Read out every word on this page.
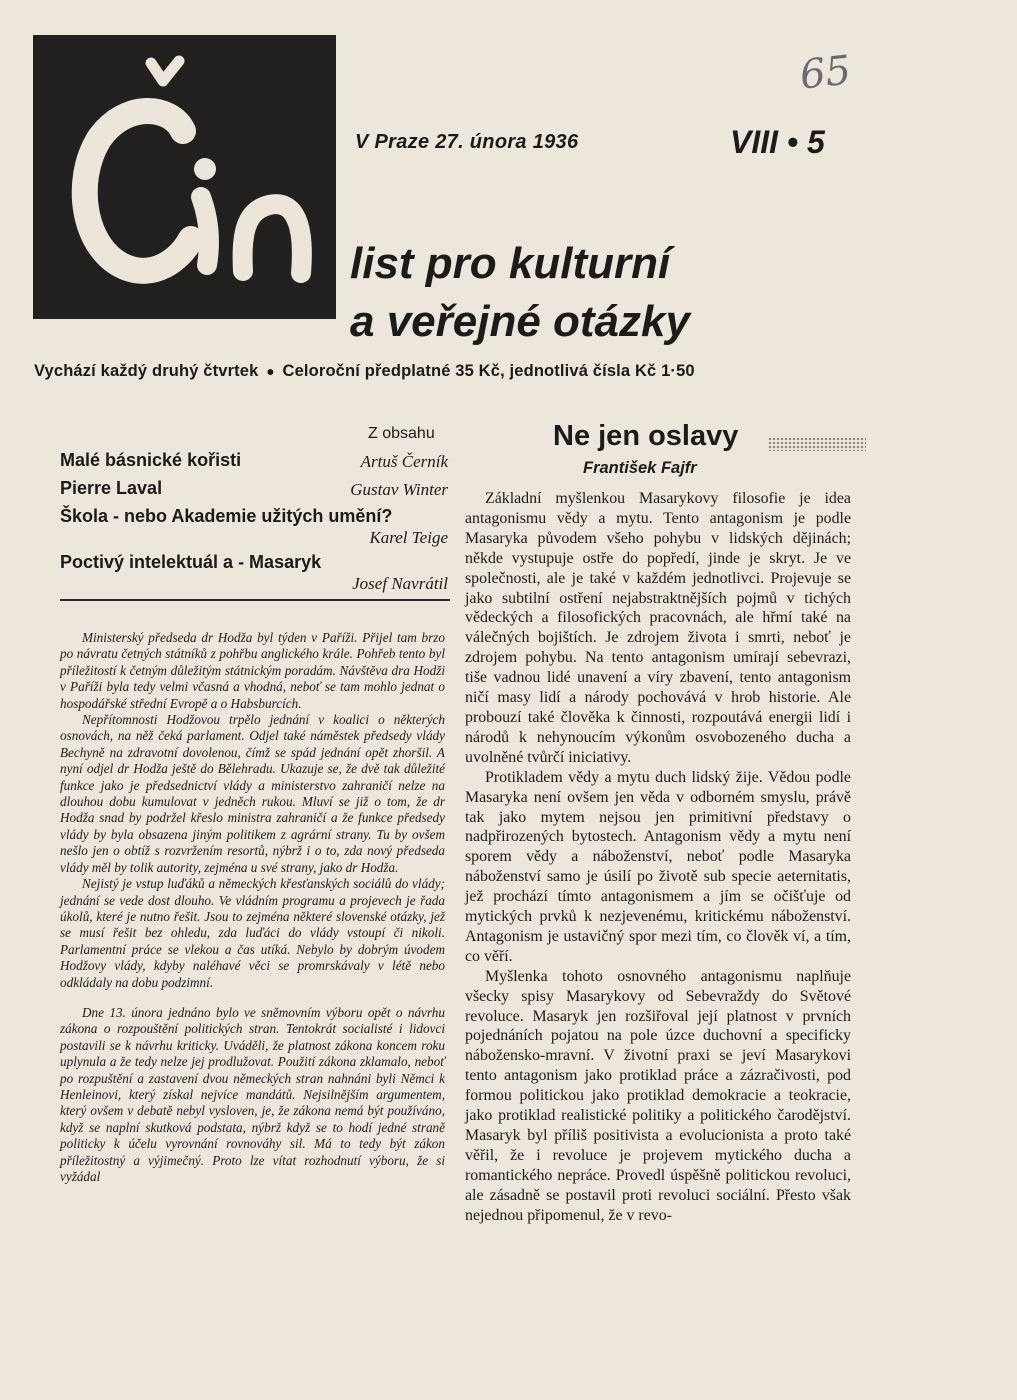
65
V Praze 27. února 1936	VIII • 5
list pro kulturní
a veřejné otázky
Vychází každý druhý čtvrtek ● Celoroční předplatné 35 Kč, jednotlivá čísla Kč 1·50
Z obsahu
Malé básnické kořisti	Artuš Černík
Pierre Laval	Gustav Winter
Škola - nebo Akademie užitých umění?
Karel Teige
Poctivý intelektuál a - Masaryk
Josef Navrátil

Ministerský předseda dr Hodža byl týden v Paříži. Přijel tam brzo po návratu četných státníků z pohřbu anglického krále. Pohřeb tento byl příležitostí k četným důležitým státnickým poradám. Návštěva dra Hodži v Paříži byla tedy velmi včasná a vhodná, neboť se tam mohlo jednat o hospodářské střední Evropě a o Habsburcích.

Nepřítomnosti Hodžovou trpělo jednání v koalici o některých osnovách, na něž čeká parlament. Odjel také náměstek předsedy vlády Bechyně na zdravotní dovolenou, čímž se spád jednání opět zhoršil. A nyní odjel dr Hodža ještě do Bělehradu. Ukazuje se, že dvě tak důležité funkce jako je předsednictví vlády a ministerstvo zahraničí nelze na dlouhou dobu kumulovat v jedněch rukou. Mluví se již o tom, že dr Hodža snad by podržel křeslo ministra zahraničí a že funkce předsedy vlády by byla obsazena jiným politikem z agrární strany. Tu by ovšem nešlo jen o obtíž s rozvržením resortů, nýbrž i o to, zda nový předseda vlády měl by tolik autority, zejména u své strany, jako dr Hodža.

Nejistý je vstup luďáků a německých křesťanských sociálů do vlády; jednání se vede dost dlouho. Ve vládním programu a projevech je řada úkolů, které je nutno řešit. Jsou to zejména některé slovenské otázky, jež se musí řešit bez ohledu, zda luďáci do vlády vstoupí či nikoli. Parlamentní práce se vlekou a čas utíká. Nebylo by dobrým úvodem Hodžovy vlády, kdyby naléhavé věci se promrskávaly v létě nebo odkládaly na dobu podzimní.

Dne 13. února jednáno bylo ve sněmovním výboru opět o návrhu zákona o rozpouštění politických stran. Tentokrát socialisté i lidovci postavili se k návrhu kriticky. Uváděli, že platnost zákona koncem roku uplynula a že tedy nelze jej prodlužovat. Použití zákona zklamalo, neboť po rozpuštění a zastavení dvou německých stran nahnáni byli Němci k Henleinovi, který získal nejvíce mandátů. Nejsilnějším argumentem, který ovšem v debatě nebyl vysloven, je, že zákona nemá být používáno, když se naplní skutková podstata, nýbrž když se to hodí jedné straně politicky k účelu vyrovnání rovnováhy sil. Má to tedy být zákon příležitostný a výjimečný. Proto lze vítat rozhodnutí výboru, že si vyžádal

Ne jen oslavy
František Fajfr

Základní myšlenkou Masarykovy filosofie je idea antagonismu vědy a mytu. Tento antagonism je podle Masaryka původem všeho pohybu v lidských dějinách; někde vystupuje ostře do popředí, jinde je skryt. Je ve společnosti, ale je také v každém jednotlivci. Projevuje se jako subtilní ostření nejabstraktnějších pojmů v tichých vědeckých a filosofických pracovnách, ale hřmí také na válečných bojištích. Je zdrojem života i smrti, neboť je zdrojem pohybu. Na tento antagonism umírají sebevrazi, tiše vadnou lidé unavení a víry zbavení, tento antagonism ničí masy lidí a národy pochovává v hrob historie. Ale probouzí také člověka k činnosti, rozpoutává energii lidí i národů k nehynoucím výkonům osvobozeného ducha a uvolněné tvůrčí iniciativy.

Protikladem vědy a mytu duch lidský žije. Vědou podle Masaryka není ovšem jen věda v odborném smyslu, právě tak jako mytem nejsou jen primitivní představy o nadpřirozených bytostech. Antagonism vědy a mytu není sporem vědy a náboženství, neboť podle Masaryka náboženství samo je úsilí po životě sub specie aeternitatis, jež prochází tímto antagonismem a jím se očišťuje od mytických prvků k nezjevenému, kritickému náboženství. Antagonism je ustavičný spor mezi tím, co člověk ví, a tím, co věří.

Myšlenka tohoto osnovného antagonismu naplňuje všecky spisy Masarykovy od Sebevraždy do Světové revoluce. Masaryk jen rozšiřoval její platnost v prvních pojednáních pojatou na pole úzce duchovní a specificky nábožensko-mravní. V životní praxi se jeví Masarykovi tento antagonism jako protiklad práce a zázračivosti, pod formou politickou jako protiklad demokracie a teokracie, jako protiklad realistické politiky a politického čarodějství. Masaryk byl příliš positivista a evolucionista a proto také věřil, že i revoluce je projevem mytického ducha a romantického nepráce. Provedl úspěšně politickou revoluci, ale zásadně se postavil proti revoluci sociální. Přesto však nejednou připomenul, že v revo-
